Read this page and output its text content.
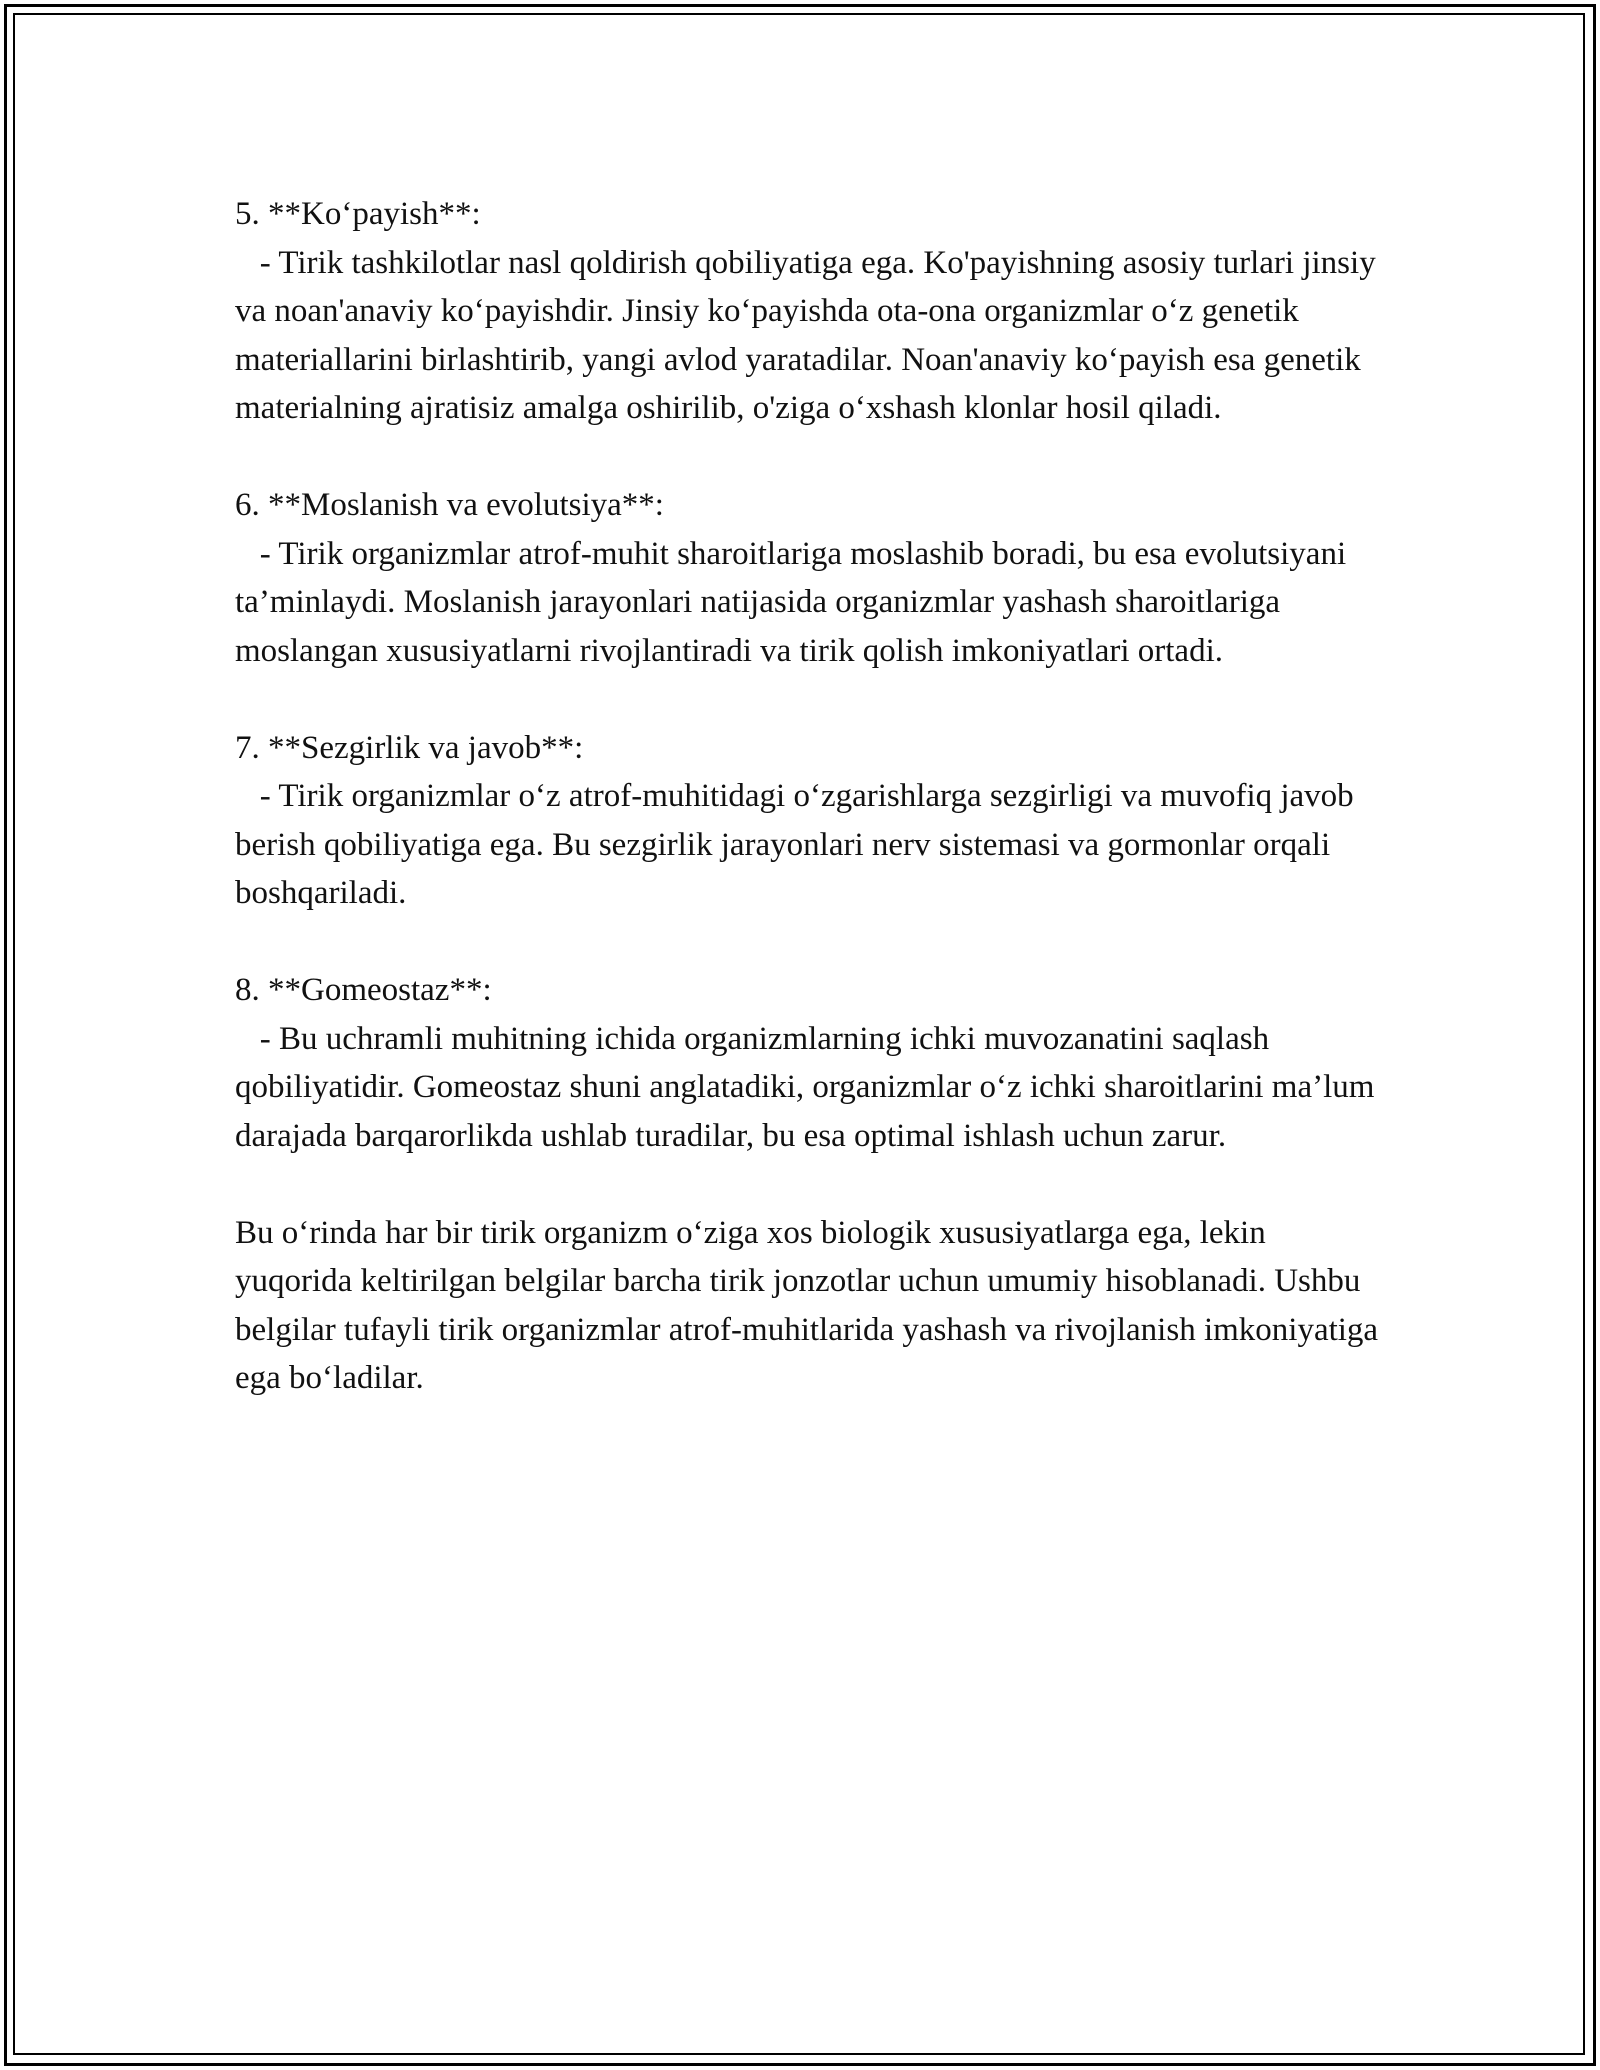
5. **Ko‘payish**:
- Tirik tashkilotlar nasl qoldirish qobiliyatiga ega. Ko'payishning asosiy turlari jinsiy va noan'anaviy ko‘payishdir. Jinsiy ko‘payishda ota-ona organizmlar o‘z genetik materiallarini birlashtirib, yangi avlod yaratadilar. Noan'anaviy ko‘payish esa genetik materialning ajratisiz amalga oshirilib, o'ziga o‘xshash klonlar hosil qiladi.
6. **Moslanish va evolutsiya**:
- Tirik organizmlar atrof-muhit sharoitlariga moslashib boradi, bu esa evolutsiyani ta’minlaydi. Moslanish jarayonlari natijasida organizmlar yashash sharoitlariga moslangan xususiyatlarni rivojlantiradi va tirik qolish imkoniyatlari ortadi.
7. **Sezgirlik va javob**:
- Tirik organizmlar o‘z atrof-muhitidagi o‘zgarishlarga sezgirligi va muvofiq javob berish qobiliyatiga ega. Bu sezgirlik jarayonlari nerv sistemasi va gormonlar orqali boshqariladi.
8. **Gomeostaz**:
- Bu uchramli muhitning ichida organizmlarning ichki muvozanatini saqlash qobiliyatidir. Gomeostaz shuni anglatadiki, organizmlar o‘z ichki sharoitlarini ma’lum darajada barqarorlikda ushlab turadilar, bu esa optimal ishlash uchun zarur.
Bu o‘rinda har bir tirik organizm o‘ziga xos biologik xususiyatlarga ega, lekin yuqorida keltirilgan belgilar barcha tirik jonzotlar uchun umumiy hisoblanadi. Ushbu belgilar tufayli tirik organizmlar atrof-muhitlarida yashash va rivojlanish imkoniyatiga ega bo‘ladilar.
